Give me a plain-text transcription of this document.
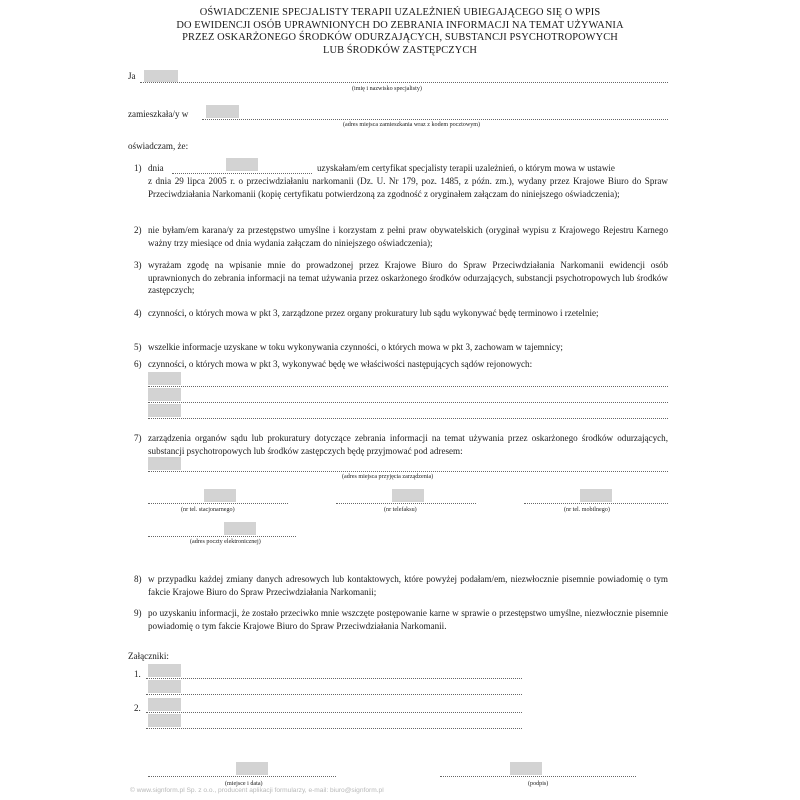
OŚWIADCZENIE SPECJALISTY TERAPII UZALEŻNIEŃ UBIEGAJĄCEGO SIĘ O WPIS
DO EWIDENCJI OSÓB UPRAWNIONYCH DO ZEBRANIA INFORMACJI NA TEMAT UŻYWANIA
PRZEZ OSKARŻONEGO ŚRODKÓW ODURZAJĄCYCH, SUBSTANCJI PSYCHOTROPOWYCH
LUB ŚRODKÓW ZASTĘPCZYCH
Ja
(imię i nazwisko specjalisty)
zamieszkała/y w
(adres miejsca zamieszkania wraz z kodem pocztowym)
oświadczam, że:
1) dnia	uzyskałam/em certyfikat specjalisty terapii uzależnień, o którym mowa w ustawie
z dnia 29 lipca 2005 r. o przeciwdziałaniu narkomanii (Dz. U. Nr 179, poz. 1485, z późn. zm.), wydany przez Krajowe Biuro do Spraw Przeciwdziałania Narkomanii (kopię certyfikatu potwierdzoną za zgodność z oryginałem załączam do niniejszego oświadczenia);
2) nie byłam/em karana/y za przestępstwo umyślne i korzystam z pełni praw obywatelskich (oryginał wypisu z Krajowego Rejestru Karnego ważny trzy miesiące od dnia wydania załączam do niniejszego oświadczenia);
3) wyrażam zgodę na wpisanie mnie do prowadzonej przez Krajowe Biuro do Spraw Przeciwdziałania Narkomanii ewidencji osób uprawnionych do zebrania informacji na temat używania przez oskarżonego środków odurzających, substancji psychotropowych lub środków zastępczych;
4) czynności, o których mowa w pkt 3, zarządzone przez organy prokuratury lub sądu wykonywać będę terminowo i rzetelnie;
5) wszelkie informacje uzyskane w toku wykonywania czynności, o których mowa w pkt 3, zachowam w tajemnicy;
6) czynności, o których mowa w pkt 3, wykonywać będę we właściwości następujących sądów rejonowych:
7) zarządzenia organów sądu lub prokuratury dotyczące zebrania informacji na temat używania przez oskarżonego środków odurzających, substancji psychotropowych lub środków zastępczych będę przyjmować pod adresem:
(adres miejsca przyjęcia zarządzenia)
(nr tel. stacjonarnego)	(nr telefaksu)	(nr tel. mobilnego)
(adres poczty elektronicznej)
8) w przypadku każdej zmiany danych adresowych lub kontaktowych, które powyżej podałam/em, niezwłocznie pisemnie powiadomię o tym fakcie Krajowe Biuro do Spraw Przeciwdziałania Narkomanii;
9) po uzyskaniu informacji, że zostało przeciwko mnie wszczęte postępowanie karne w sprawie o przestępstwo umyślne, niezwłocznie pisemnie powiadomię o tym fakcie Krajowe Biuro do Spraw Przeciwdziałania Narkomanii.
Załączniki:
1.
2.
(miejsce i data)	(podpis)
© www.signform.pl Sp. z o.o., producent aplikacji formularzy, e-mail: biuro@signform.pl
